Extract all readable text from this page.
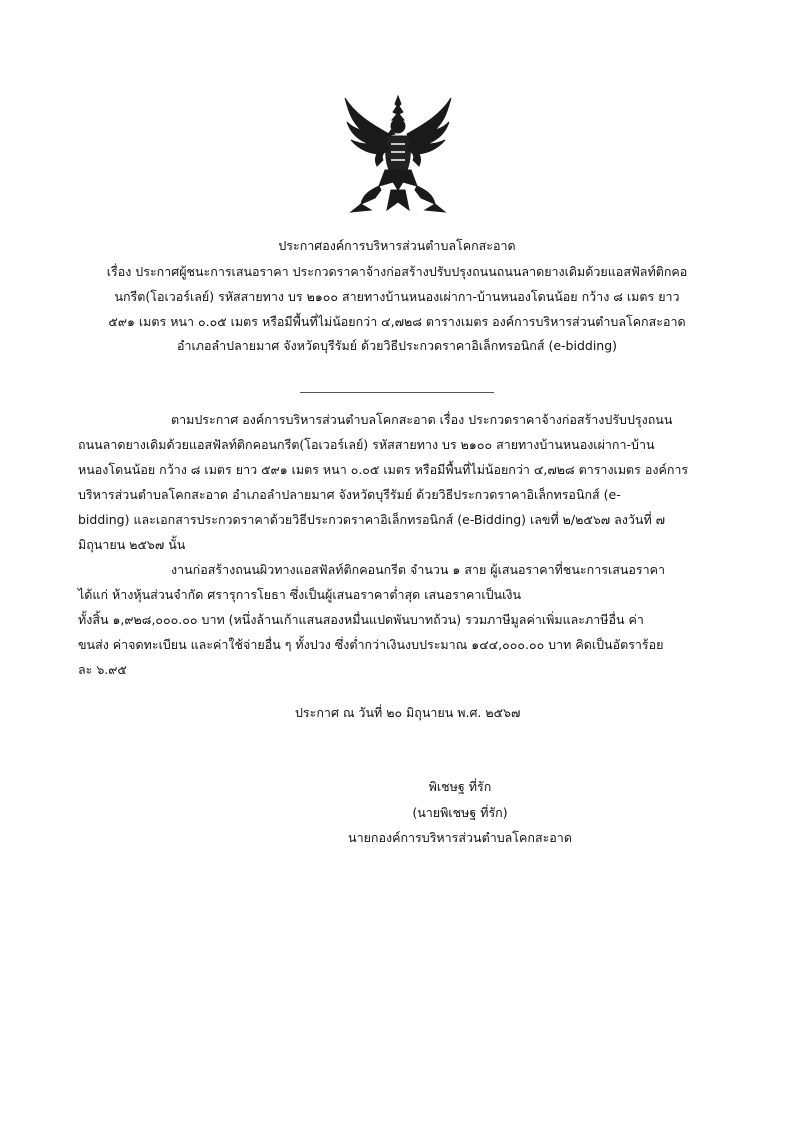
ประกาศองค์การบริหารส่วนตำบลโคกสะอาด
เรื่อง ประกาศผู้ชนะการเสนอราคา ประกวดราคาจ้างก่อสร้างปรับปรุงถนนถนนลาดยางเดิมด้วยแอสฟัลท์ติกคอ
นกรีต(โอเวอร์เลย์) รหัสสายทาง บร ๒๑๐๐ สายทางบ้านหนองเผ่ากา-บ้านหนองโดนน้อย กว้าง ๘ เมตร ยาว
๕๙๑ เมตร หนา ๐.๐๕ เมตร หรือมีพื้นที่ไม่น้อยกว่า ๔,๗๒๘ ตารางเมตร องค์การบริหารส่วนตำบลโคกสะอาด
อำเภอลำปลายมาศ จังหวัดบุรีรัมย์ ด้วยวิธีประกวดราคาอิเล็กทรอนิกส์ (e-bidding)
ตามประกาศ องค์การบริหารส่วนตำบลโคกสะอาด เรื่อง ประกวดราคาจ้างก่อสร้างปรับปรุงถนน
ถนนลาดยางเดิมด้วยแอสฟัลท์ติกคอนกรีต(โอเวอร์เลย์) รหัสสายทาง บร ๒๑๐๐ สายทางบ้านหนองเผ่ากา-บ้าน
หนองโดนน้อย กว้าง ๘ เมตร ยาว ๕๙๑ เมตร หนา ๐.๐๕ เมตร หรือมีพื้นที่ไม่น้อยกว่า ๔,๗๒๘ ตารางเมตร องค์การ
บริหารส่วนตำบลโคกสะอาด อำเภอลำปลายมาศ จังหวัดบุรีรัมย์ ด้วยวิธีประกวดราคาอิเล็กทรอนิกส์ (e-
bidding) และเอกสารประกวดราคาด้วยวิธีประกวดราคาอิเล็กทรอนิกส์ (e-Bidding) เลขที่ ๒/๒๕๖๗ ลงวันที่ ๗
มิถุนายน ๒๕๖๗ นั้น
งานก่อสร้างถนนผิวทางแอสฟัลท์ติกคอนกรีต จำนวน ๑ สาย ผู้เสนอราคาที่ชนะการเสนอราคา
ได้แก่ ห้างหุ้นส่วนจำกัด ศรารุการโยธา ซึ่งเป็นผู้เสนอราคาต่ำสุด เสนอราคาเป็นเงิน
ทั้งสิ้น ๑,๙๒๘,๐๐๐.๐๐ บาท (หนึ่งล้านเก้าแสนสองหมื่นแปดพันบาทถ้วน) รวมภาษีมูลค่าเพิ่มและภาษีอื่น ค่า
ขนส่ง ค่าจดทะเบียน และค่าใช้จ่ายอื่น ๆ ทั้งปวง ซึ่งต่ำกว่าเงินงบประมาณ ๑๔๔,๐๐๐.๐๐ บาท คิดเป็นอัตราร้อย
ละ ๖.๙๕
ประกาศ ณ วันที่ ๒๐ มิถุนายน พ.ศ. ๒๕๖๗
พิเชษฐ ที่รัก
(นายพิเชษฐ ที่รัก)
นายกองค์การบริหารส่วนตำบลโคกสะอาด
